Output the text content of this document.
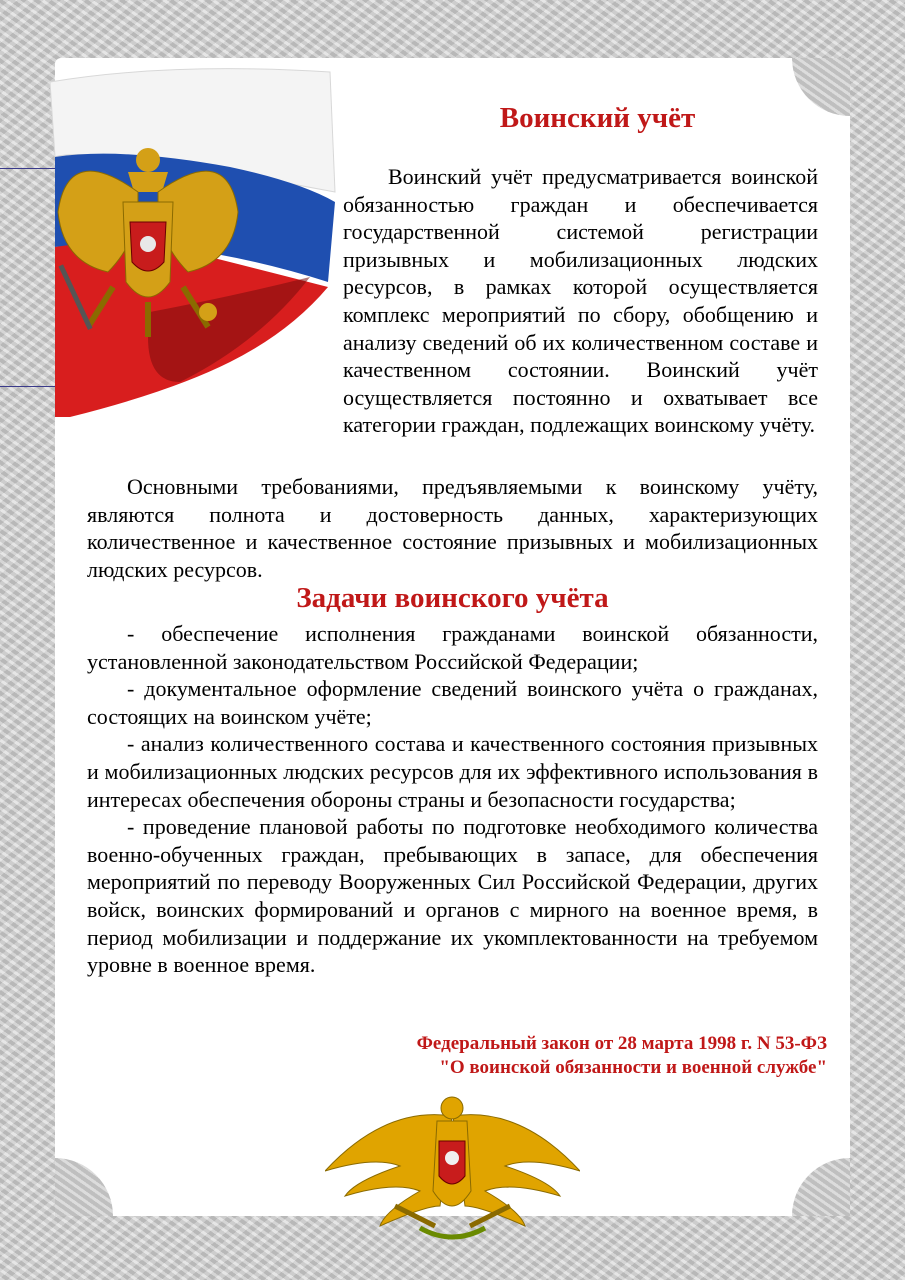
Воинский учёт

Воинский учёт предусматривается воинской обязанностью граждан и обеспечивается государственной системой регистрации призывных и мобилизационных людских ресурсов, в рамках которой осуществляется комплекс мероприятий по сбору, обобщению и анализу сведений об их количественном составе и качественном состоянии. Воинский учёт осуществляется постоянно и охватывает все категории граждан, подлежащих воинскому учёту.

Основными требованиями, предъявляемыми к воинскому учёту, являются полнота и достоверность данных, характеризующих количественное и качественное состояние призывных и мобилизационных людских ресурсов.

Задачи воинского учёта
- обеспечение исполнения гражданами воинской обязанности, установленной законодательством Российской Федерации;
- документальное оформление сведений воинского учёта о гражданах, состоящих на воинском учёте;
- анализ количественного состава и качественного состояния призывных и мобилизационных людских ресурсов для их эффективного использования в интересах обеспечения обороны страны и безопасности государства;
- проведение плановой работы по подготовке необходимого количества военно-обученных граждан, пребывающих в запасе, для обеспечения мероприятий по переводу Вооруженных Сил Российской Федерации, других войск, воинских формирований и органов с мирного на военное время, в период мобилизации и поддержание их укомплектованности на требуемом уровне в военное время.
Федеральный закон от 28 марта 1998 г. N 53-ФЗ
"О воинской обязанности и военной службе"
